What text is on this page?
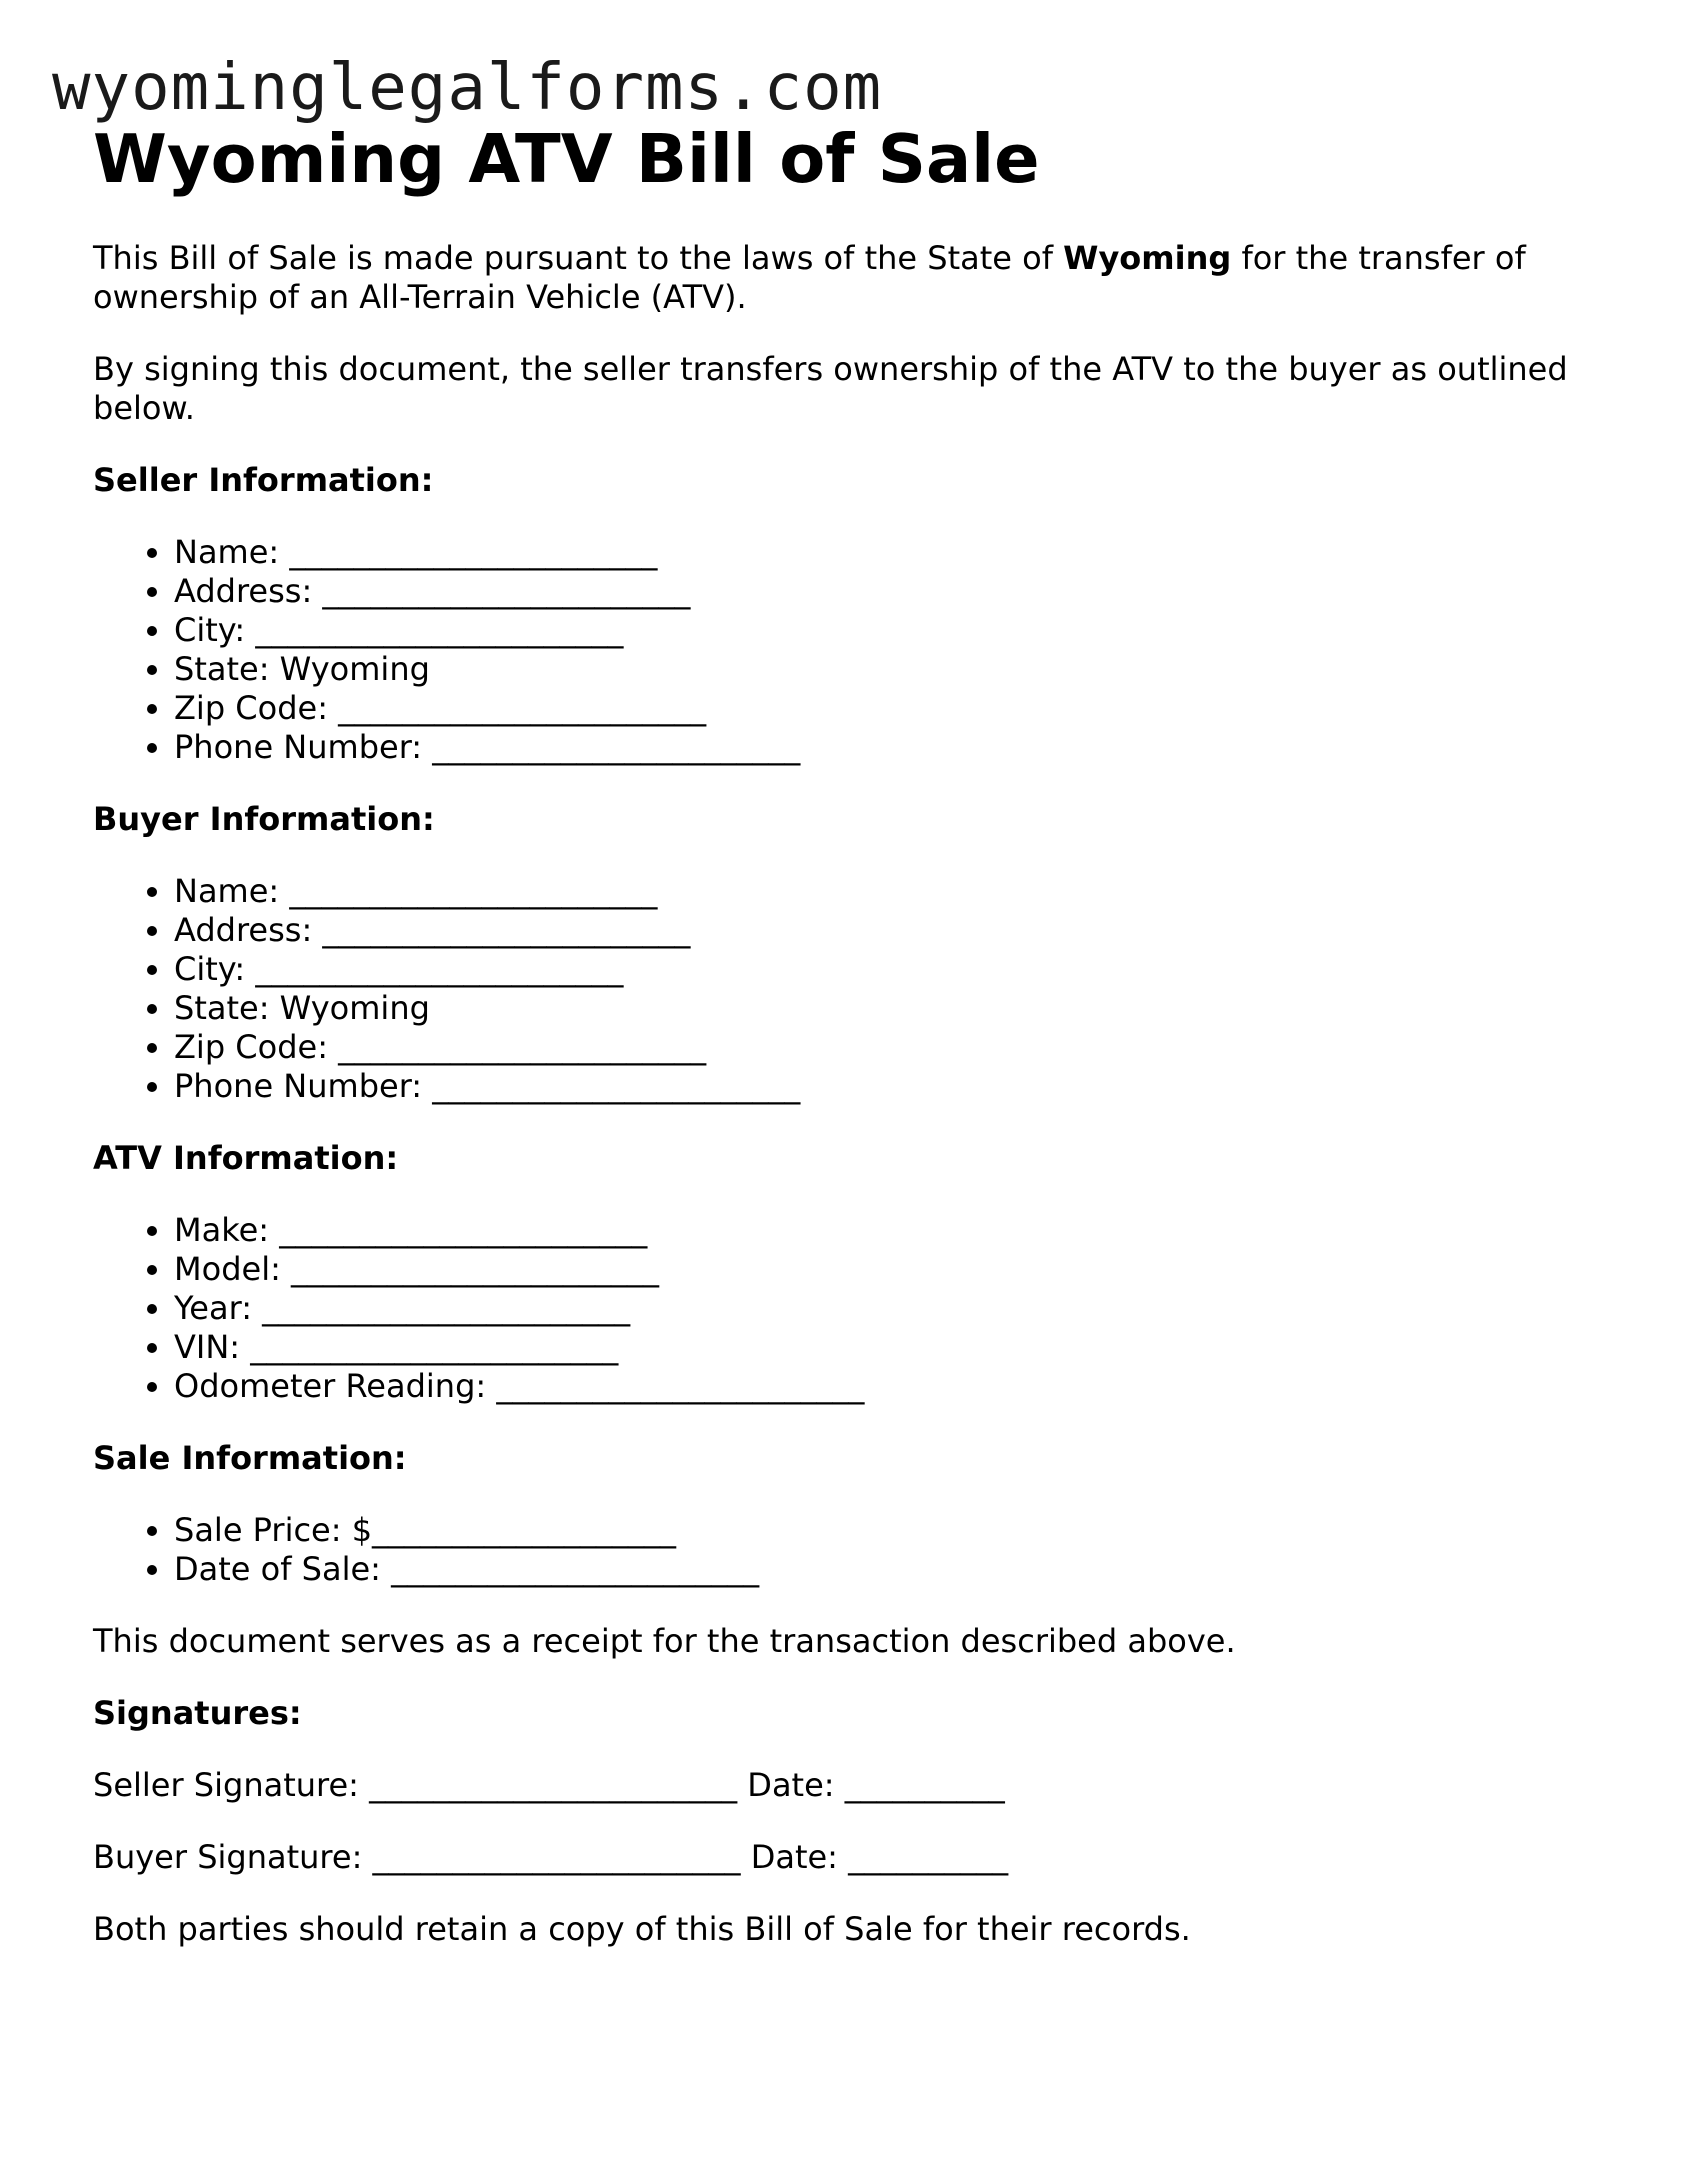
wyominglegalforms.com
Wyoming ATV Bill of Sale

This Bill of Sale is made pursuant to the laws of the State of Wyoming for the transfer of ownership of an All-Terrain Vehicle (ATV).

By signing this document, the seller transfers ownership of the ATV to the buyer as outlined below.

Seller Information:
• Name: _______________________
• Address: _______________________
• City: _______________________
• State: Wyoming
• Zip Code: _______________________
• Phone Number: _______________________
Buyer Information:
• Name: _______________________
• Address: _______________________
• City: _______________________
• State: Wyoming
• Zip Code: _______________________
• Phone Number: _______________________
ATV Information:
• Make: _______________________
• Model: _______________________
• Year: _______________________
• VIN: _______________________
• Odometer Reading: _______________________
Sale Information:
• Sale Price: $___________________
• Date of Sale: _______________________

This document serves as a receipt for the transaction described above.

Signatures:

Seller Signature: _______________________ Date: __________

Buyer Signature: _______________________ Date: __________

Both parties should retain a copy of this Bill of Sale for their records.
